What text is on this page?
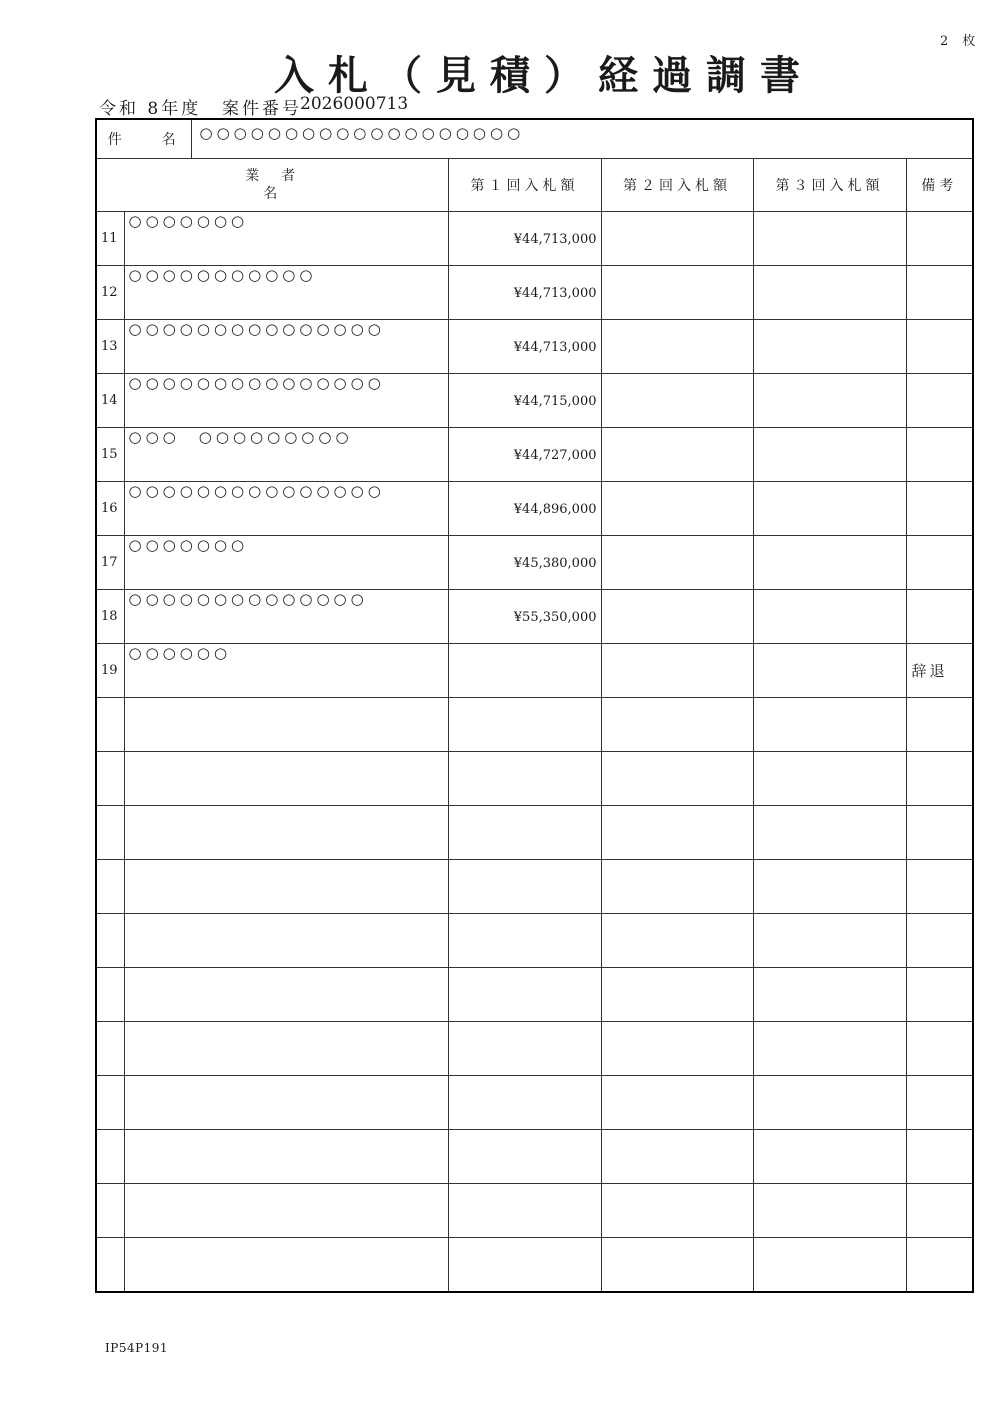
2 枚
入札（見積）経過調書
令和 8年度 案件番号
2026000713
件　　名		○○○○○○○○○○○○○○○○○○○				

業　者
名			第１回入札額	第２回入札額	第３回入札額	備考
11	○○○○○○○		¥44,713,000			
12	○○○○○○○○○○○		¥44,713,000			
13	○○○○○○○○○○○○○○○		¥44,713,000			
14	○○○○○○○○○○○○○○○		¥44,715,000			
15	○○○　○○○○○○○○○		¥44,727,000			
16	○○○○○○○○○○○○○○○		¥44,896,000			
17	○○○○○○○		¥45,380,000			
18	○○○○○○○○○○○○○○		¥55,350,000			
19	○○○○○○					辞退

IP54P191
